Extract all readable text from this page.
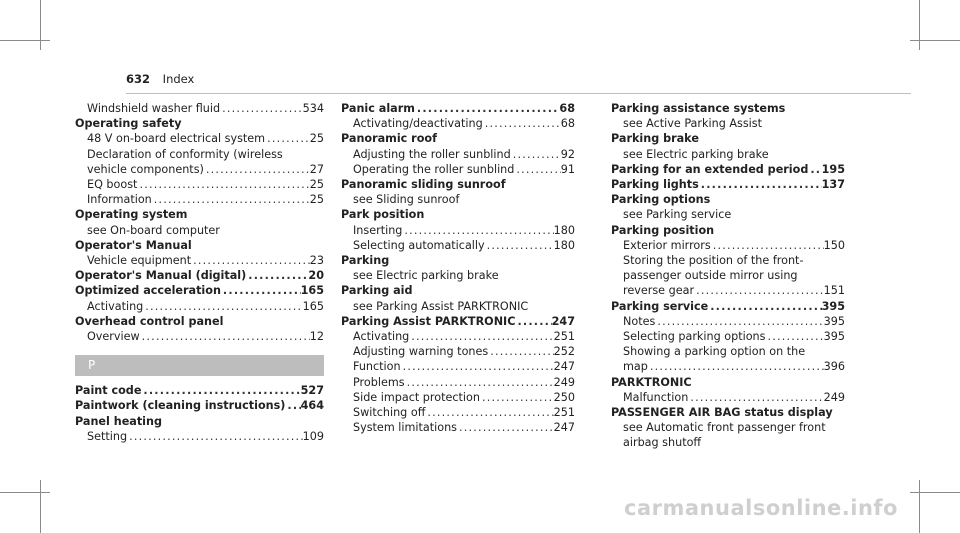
632 Index
Windshield washer fluid .....	534
Operating safety
48 V on-board electrical system .....	25
Declaration of conformity (wireless
vehicle components) .....	27
EQ boost .....	25
Information .....	25
Operating system
see On-board computer
Operator's Manual
Vehicle equipment .....	23
Operator's Manual (digital) .....	20
Optimized acceleration .....	165
Activating .....	165
Overhead control panel
Overview .....	12
P
Paint code .....	527
Paintwork (cleaning instructions) ..... 464
Panel heating
Setting .....	109
Panic alarm .....	68
Activating/deactivating .....	68
Panoramic roof
Adjusting the roller sunblind .....	92
Operating the roller sunblind .....	91
Panoramic sliding sunroof
see Sliding sunroof
Park position
Inserting .....	180
Selecting automatically .....	180
Parking
see Electric parking brake
Parking aid
see Parking Assist PARKTRONIC
Parking Assist PARKTRONIC .....	247
Activating .....	251
Adjusting warning tones .....	252
Function .....	247
Problems .....	249
Side impact protection .....	250
Switching off .....	251
System limitations .....	247
Parking assistance systems
see Active Parking Assist
Parking brake
see Electric parking brake
Parking for an extended period ..... 195
Parking lights .....	137
Parking options
see Parking service
Parking position
Exterior mirrors .....	150
Storing the position of the front-
passenger outside mirror using
reverse gear .....	151
Parking service .....	395
Notes .....	395
Selecting parking options .....	395
Showing a parking option on the
map .....	396
PARKTRONIC
Malfunction .....	249
PASSENGER AIR BAG status display
see Automatic front passenger front
airbag shutoff
carmanualsonline.info
